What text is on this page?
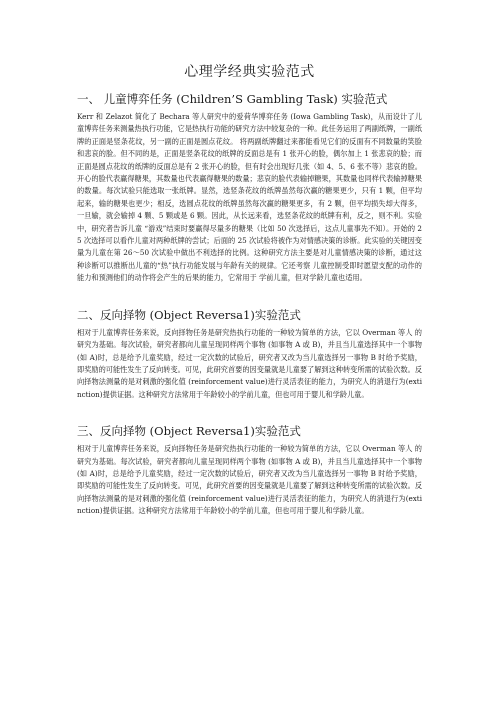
心理学经典实验范式
一、 儿童博弈任务 (Children’S Gambling Task) 实验范式

Kerr 和 Zelazot 简化了 Bechara 等人研究中的爱荷华博弈任务 (Iowa Gambling Task)，从而设计了儿童博弈任务来测量热执行功能，它是热执行功能的研究方法中较复杂的一种。此任务运用了两副纸牌，一副纸牌的正面是竖条花纹，另一副的正面是圆点花纹。 将两副纸牌翻过来都能看见它们的反面有不同数量的笑脸和悲哀的脸。但不同的是，正面是竖条花纹的纸牌的反面总是有 1 张开心的脸，偶尔加上 1 张悲哀的脸；而正面是圆点花纹的纸牌的反面总是有 2 张开心的脸，但有时会出现好几张（如 4、5、6 张不等）悲哀的脸。开心的脸代表赢得糖果，其数量也代表赢得糖果的数量；悲哀的脸代表输掉糖果，其数量也同样代表输掉糖果的数量。每次试验只能选取一张纸牌。显然，选竖条花纹的纸牌虽然每次赢的糖果更少，只有 1 颗，但平均起来，输的糖果也更少；相反，选圆点花纹的纸牌虽然每次赢的糖果更多，有 2 颗，但平均损失却大得多，一旦输，就会输掉 4 颗、5 颗或是 6 颗。因此，从长远来看，选竖条花纹的纸牌有利，反之，则不利。实验中，研究者告诉儿童 “游戏”结束时要赢得尽量多的糖果（比如 50 次选择后，这点儿童事先不知）。开始的 25 次选择可以看作儿童对两种纸牌的尝试；后面的 25 次试验将被作为对情感决策的诊断。此实验的关键因变量为儿童在第 26～50 次试验中做出不利选择的比例。这种研究方法主要是对儿童情感决策的诊断，通过这种诊断可以推断出儿童的“热”执行功能发展与年龄有关的规律。它还考察 儿童控制受即时愿望支配的动作的能力和预测他们的动作将会产生的后果的能力，它常用于 学前儿童，但对学龄儿童也适用。

二、反向择物 (Object Reversa1)实验范式

相对于儿童博弈任务来说，反向择物任务是研究热执行功能的一种较为简单的方法，它以 Overman 等人 的研究为基础。每次试验，研究者都向儿童呈现同样两个事物 (如事物 A 或 B)，并且当儿童选择其中一个事物 (如 A)时，总是给予儿童奖励，经过一定次数的试验后，研究者又改为当儿童选择另一事物 B 时给予奖励，即奖励的可能性发生了反向转变。可见，此研究首要的因变量就是儿童要了解到这种转变所需的试验次数。反向择物法测量的是对刺激的强化值 (reinforcement value)进行灵活表征的能力，为研究人的消退行为(extinction)提供证据。这种研究方法常用于年龄较小的学前儿童，但也可用于婴儿和学龄儿童。

三、反向择物 (Object Reversa1)实验范式

相对于儿童博弈任务来说，反向择物任务是研究热执行功能的一种较为简单的方法，它以 Overman 等人 的研究为基础。每次试验，研究者都向儿童呈现同样两个事物 (如事物 A 或 B)，并且当儿童选择其中一个事物 (如 A)时，总是给予儿童奖励，经过一定次数的试验后，研究者又改为当儿童选择另一事物 B 时给予奖励，即奖励的可能性发生了反向转变。可见，此研究首要的因变量就是儿童要了解到这种转变所需的试验次数。反向择物法测量的是对刺激的强化值 (reinforcement value)进行灵活表征的能力，为研究人的消退行为(extinction)提供证据。这种研究方法常用于年龄较小的学前儿童，但也可用于婴儿和学龄儿童。
